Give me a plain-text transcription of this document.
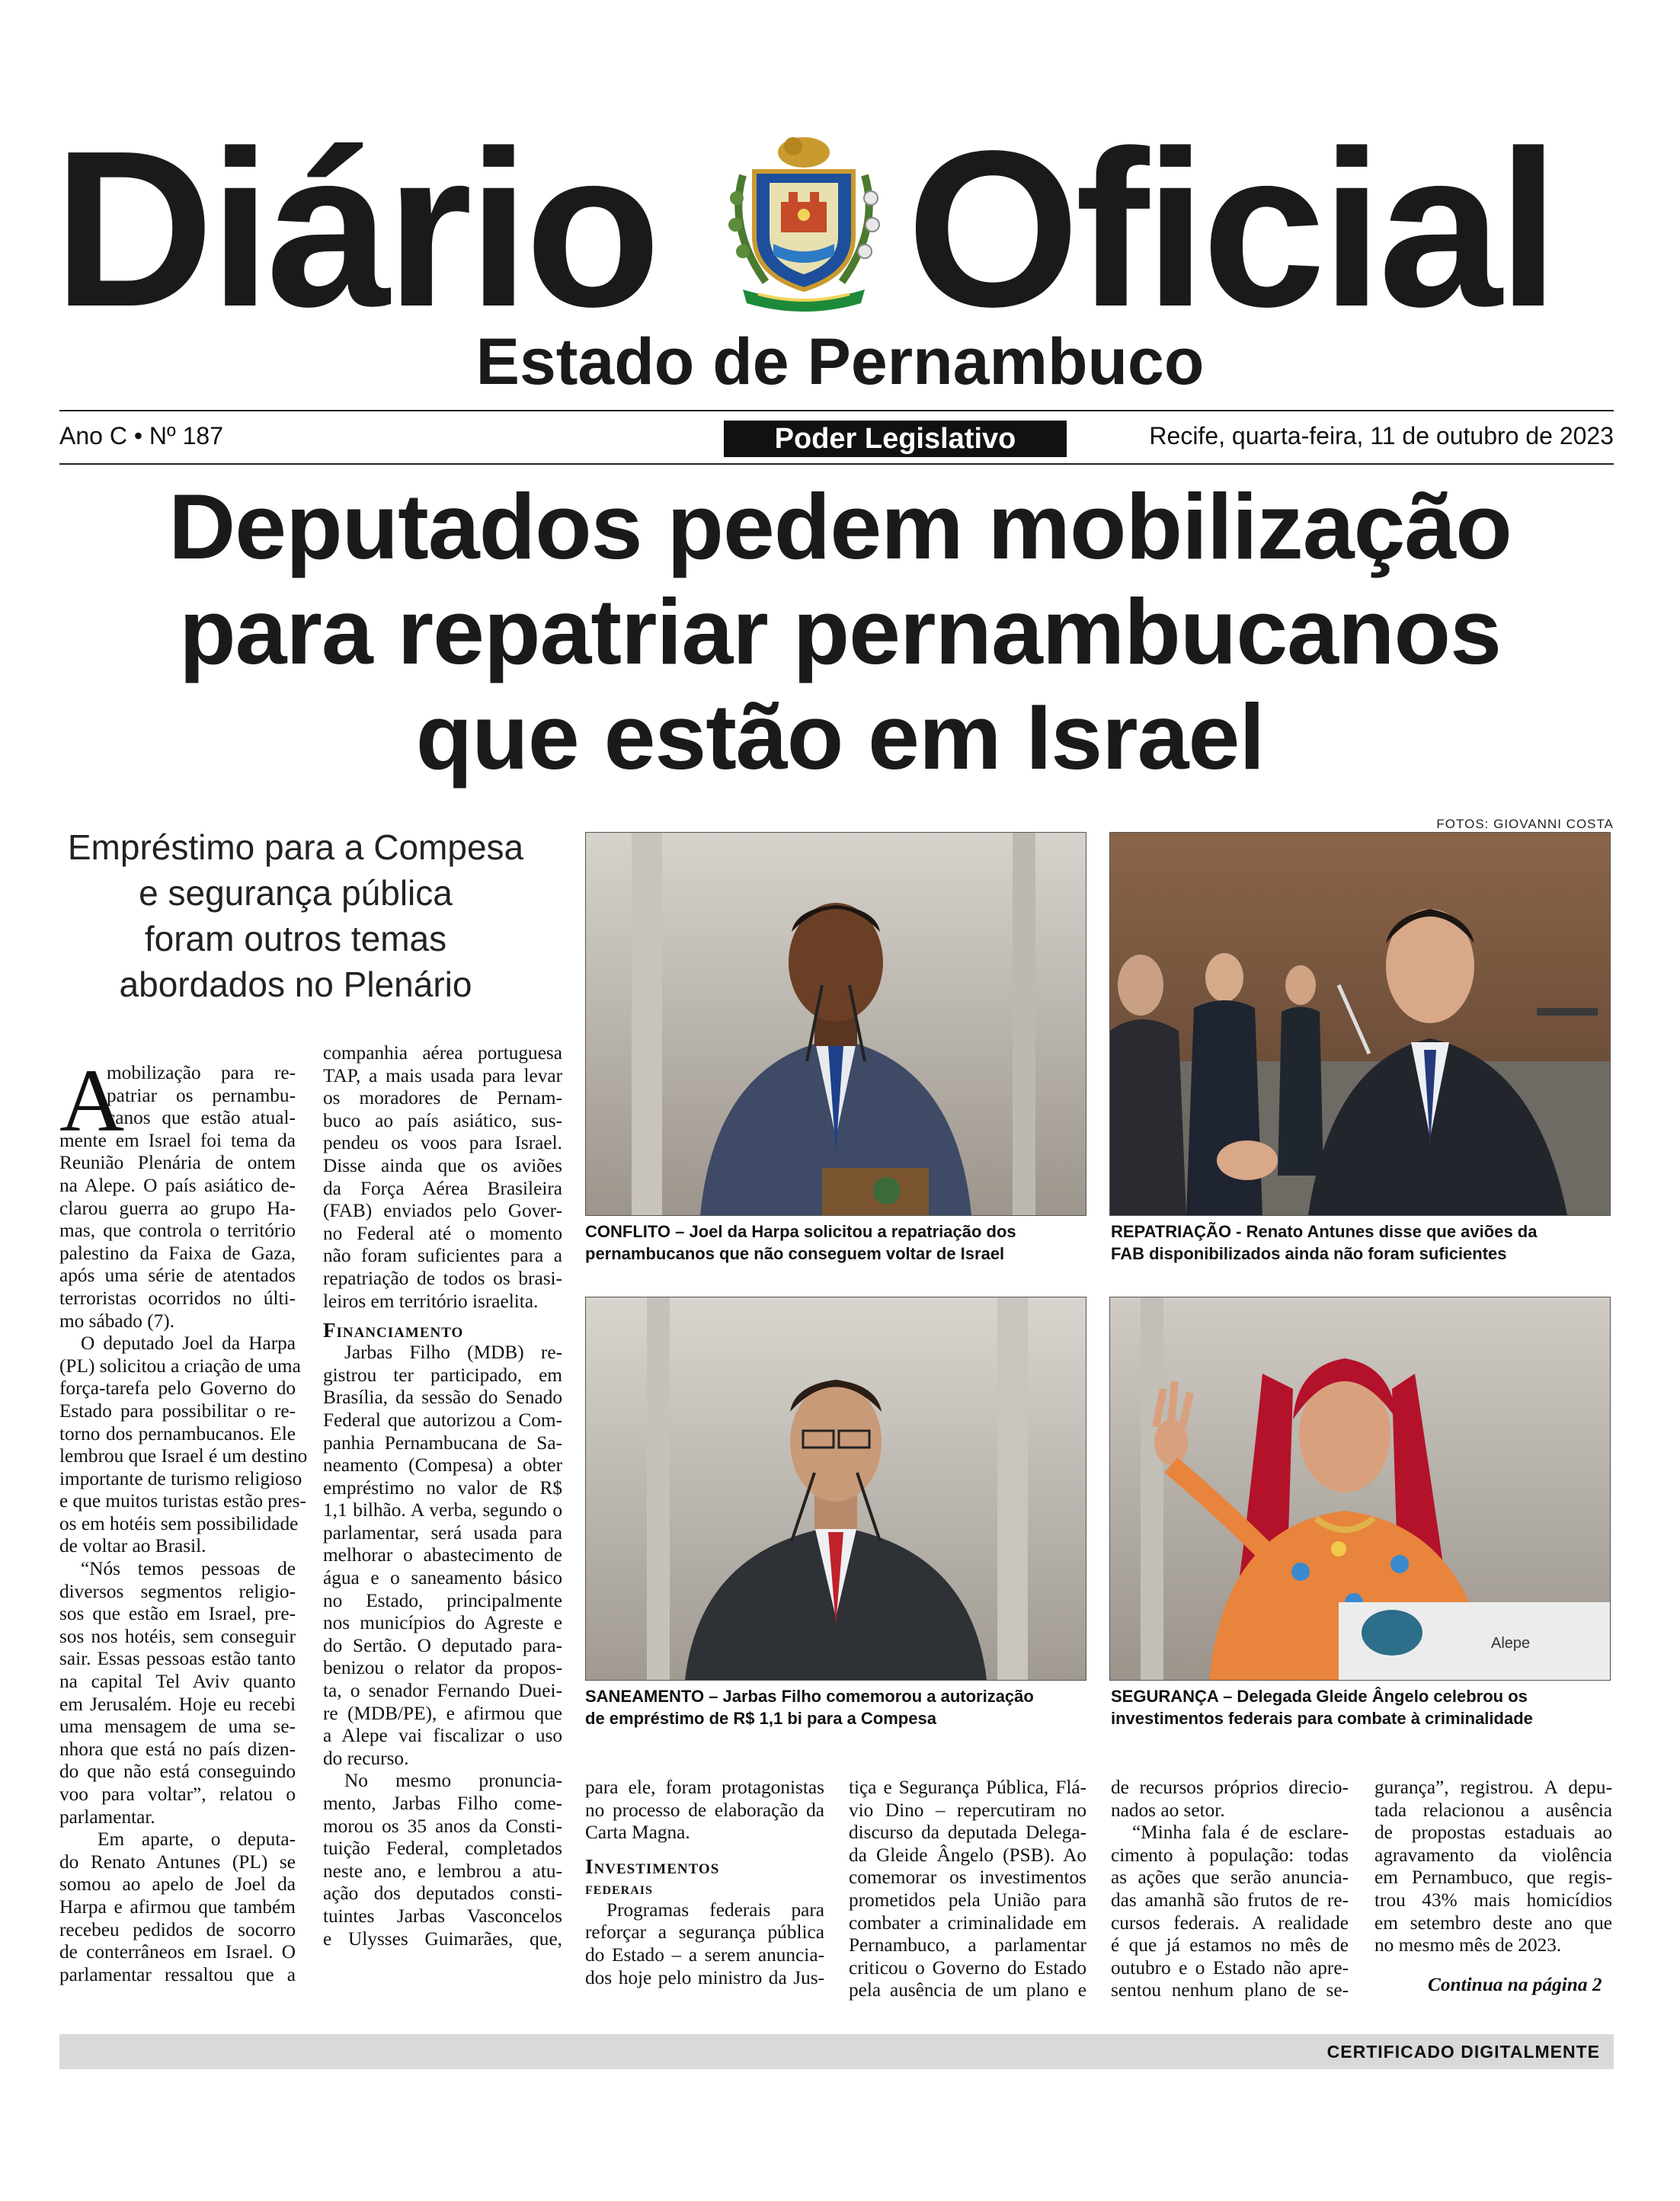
Diário Oficial
Estado de Pernambuco
Ano C • Nº 187	Poder Legislativo	Recife, quarta-feira, 11 de outubro de 2023
Deputados pedem mobilização
para repatriar pernambucanos
que estão em Israel
Empréstimo para a Compesa
e segurança pública
foram outros temas
abordados no Plenário
FOTOS: GIOVANNI COSTA
CONFLITO – Joel da Harpa solicitou a repatriação dos
pernambucanos que não conseguem voltar de Israel
REPATRIAÇÃO - Renato Antunes disse que aviões da
FAB disponibilizados ainda não foram suficientes
SANEAMENTO – Jarbas Filho comemorou a autorização
de empréstimo de R$ 1,1 bi para a Compesa
Alepe
SEGURANÇA – Delegada Gleide Ângelo celebrou os
investimentos federais para combate à criminalidade
A
mobilização para re-
patriar os pernambu-
canos que estão atual-
mente em Israel foi tema da
Reunião Plenária de ontem
na Alepe. O país asiático de-
clarou guerra ao grupo Ha-
mas, que controla o território
palestino da Faixa de Gaza,
após uma série de atentados
terroristas ocorridos no últi-
mo sábado (7).
O deputado Joel da Harpa
(PL) solicitou a criação de uma
força-tarefa pelo Governo do
Estado para possibilitar o re-
torno dos pernambucanos. Ele
lembrou que Israel é um destino
importante de turismo religioso
e que muitos turistas estão pres-
os em hotéis sem possibilidade
de voltar ao Brasil.
“Nós temos pessoas de
diversos segmentos religio-
sos que estão em Israel, pre-
sos nos hotéis, sem conseguir
sair. Essas pessoas estão tanto
na capital Tel Aviv quanto
em Jerusalém. Hoje eu recebi
uma mensagem de uma se-
nhora que está no país dizen-
do que não está conseguindo
voo para voltar”, relatou o
parlamentar.
Em aparte, o deputa-
do Renato Antunes (PL) se
somou ao apelo de Joel da
Harpa e afirmou que também
recebeu pedidos de socorro
de conterrâneos em Israel. O
parlamentar ressaltou que a
companhia aérea portuguesa
TAP, a mais usada para levar
os moradores de Pernam-
buco ao país asiático, sus-
pendeu os voos para Israel.
Disse ainda que os aviões
da Força Aérea Brasileira
(FAB) enviados pelo Gover-
no Federal até o momento
não foram suficientes para a
repatriação de todos os brasi-
leiros em território israelita.
Financiamento
Jarbas Filho (MDB) re-
gistrou ter participado, em
Brasília, da sessão do Senado
Federal que autorizou a Com-
panhia Pernambucana de Sa-
neamento (Compesa) a obter
empréstimo no valor de R$
1,1 bilhão. A verba, segundo o
parlamentar, será usada para
melhorar o abastecimento de
água e o saneamento básico
no Estado, principalmente
nos municípios do Agreste e
do Sertão. O deputado para-
benizou o relator da propos-
ta, o senador Fernando Duei-
re (MDB/PE), e afirmou que
a Alepe vai fiscalizar o uso
do recurso.
No mesmo pronuncia-
mento, Jarbas Filho come-
morou os 35 anos da Consti-
tuição Federal, completados
neste ano, e lembrou a atu-
ação dos deputados consti-
tuintes Jarbas Vasconcelos
e Ulysses Guimarães, que,
para ele, foram protagonistas
no processo de elaboração da
Carta Magna.
Investimentos
federais
Programas federais para
reforçar a segurança pública
do Estado – a serem anuncia-
dos hoje pelo ministro da Jus-
tiça e Segurança Pública, Flá-
vio Dino – repercutiram no
discurso da deputada Delega-
da Gleide Ângelo (PSB). Ao
comemorar os investimentos
prometidos pela União para
combater a criminalidade em
Pernambuco, a parlamentar
criticou o Governo do Estado
pela ausência de um plano e
de recursos próprios direcio-
nados ao setor.
“Minha fala é de esclare-
cimento à população: todas
as ações que serão anuncia-
das amanhã são frutos de re-
cursos federais. A realidade
é que já estamos no mês de
outubro e o Estado não apre-
sentou nenhum plano de se-
gurança”, registrou. A depu-
tada relacionou a ausência
de propostas estaduais ao
agravamento da violência
em Pernambuco, que regis-
trou 43% mais homicídios
em setembro deste ano que
no mesmo mês de 2023.
Continua na página 2
CERTIFICADO DIGITALMENTE
